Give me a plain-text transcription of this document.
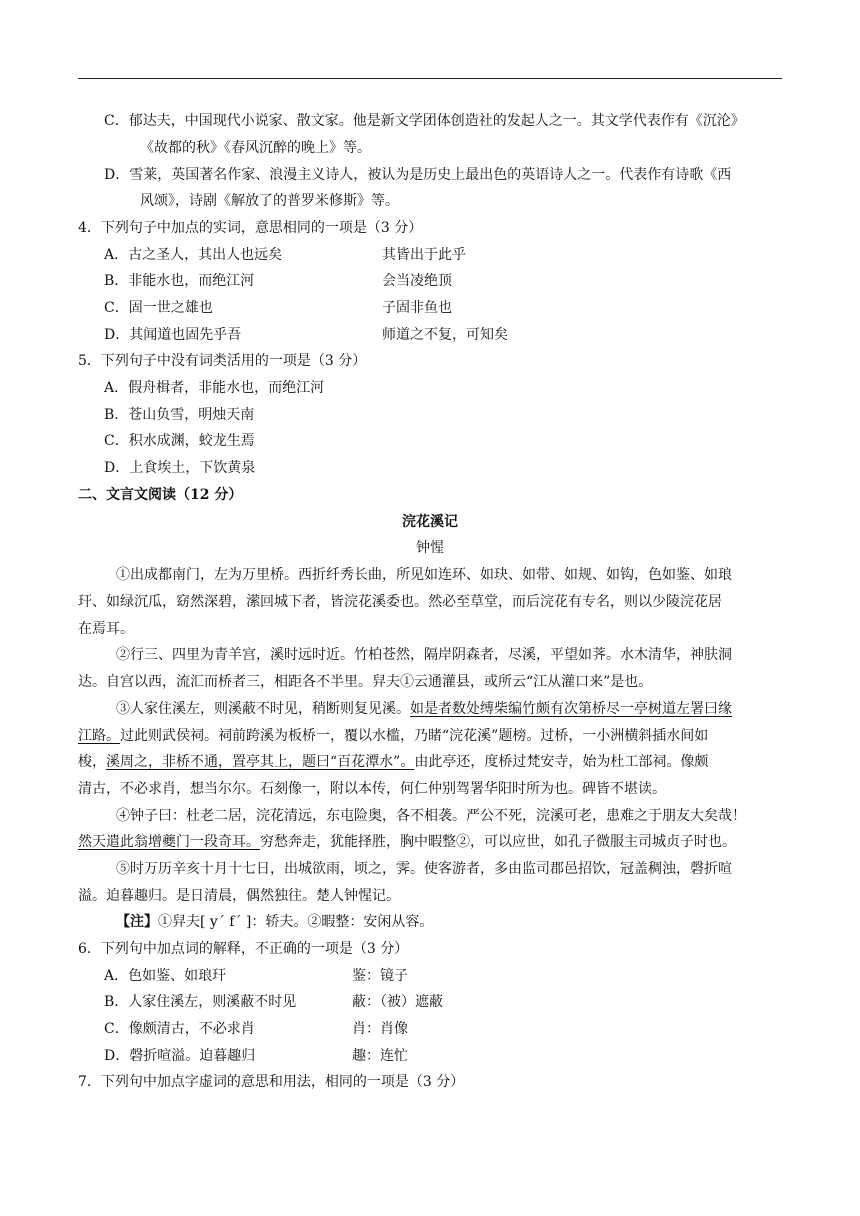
C．郁达夫，中国现代小说家、散文家。他是新文学团体创造社的发起人之一。其文学代表作有《沉沦》
《故都的秋》《春风沉醉的晚上》等。
D．雪莱，英国著名作家、浪漫主义诗人，被认为是历史上最出色的英语诗人之一。代表作有诗歌《西
风颂》，诗剧《解放了的普罗米修斯》等。
4．下列句子中加点的实词，意思相同的一项是（3 分）
A．古之圣人，其出人也远矣	其皆出于此乎
B．非能水也，而绝江河	会当凌绝顶
C．固一世之雄也	子固非鱼也
D．其闻道也固先乎吾	师道之不复，可知矣
5．下列句子中没有词类活用的一项是（3 分）
A．假舟楫者，非能水也，而绝江河
B．苍山负雪，明烛天南
C．积水成渊，蛟龙生焉
D．上食埃土，下饮黄泉
二、文言文阅读（12 分）
浣花溪记
钟惺
①出成都南门，左为万里桥。西折纤秀长曲，所见如连环、如玦、如带、如规、如钩，色如鉴、如琅
玕、如绿沉瓜，窈然深碧，潆回城下者，皆浣花溪委也。然必至草堂，而后浣花有专名，则以少陵浣花居
在焉耳。
②行三、四里为青羊宫，溪时远时近。竹柏苍然，隔岸阴森者，尽溪，平望如荠。水木清华，神肤洞
达。自宫以西，流汇而桥者三，相距各不半里。舁夫①云通灌县，或所云“江从灌口来”是也。
③人家住溪左，则溪蔽不时见，稍断则复见溪。如是者数处缚柴编竹颇有次第桥尽一亭树道左署曰缘
江路。过此则武侯祠。祠前跨溪为板桥一，覆以水槛，乃睹“浣花溪”题榜。过桥，一小洲横斜插水间如
梭，溪周之，非桥不通，置亭其上，题曰“百花潭水”。由此亭还，度桥过梵安寺，始为杜工部祠。像颇
清古，不必求肖，想当尔尔。石刻像一，附以本传，何仁仲别驾署华阳时所为也。碑皆不堪读。
④钟子曰：杜老二居，浣花清远，东屯险奥，各不相袭。严公不死，浣溪可老，患难之于朋友大矣哉！
然天遣此翁增夔门一段奇耳。穷愁奔走，犹能择胜，胸中暇整②，可以应世，如孔子微服主司城贞子时也。
⑤时万历辛亥十月十七日，出城欲雨，顷之，霁。使客游者，多由监司郡邑招饮，冠盖稠浊，磬折喧
溢。迫暮趣归。是日清晨，偶然独往。楚人钟惺记。
【注】①舁夫[ y´ fˊ ]：轿夫。②暇整：安闲从容。
6．下列句中加点词的解释，不正确的一项是（3 分）
A．色如鉴、如琅玕	鉴：镜子
B．人家住溪左，则溪蔽不时见	蔽：（被）遮蔽
C．像颇清古，不必求肖	肖：肖像
D．磬折喧溢。迫暮趣归	趣：连忙
7．下列句中加点字虚词的意思和用法，相同的一项是（3 分）
